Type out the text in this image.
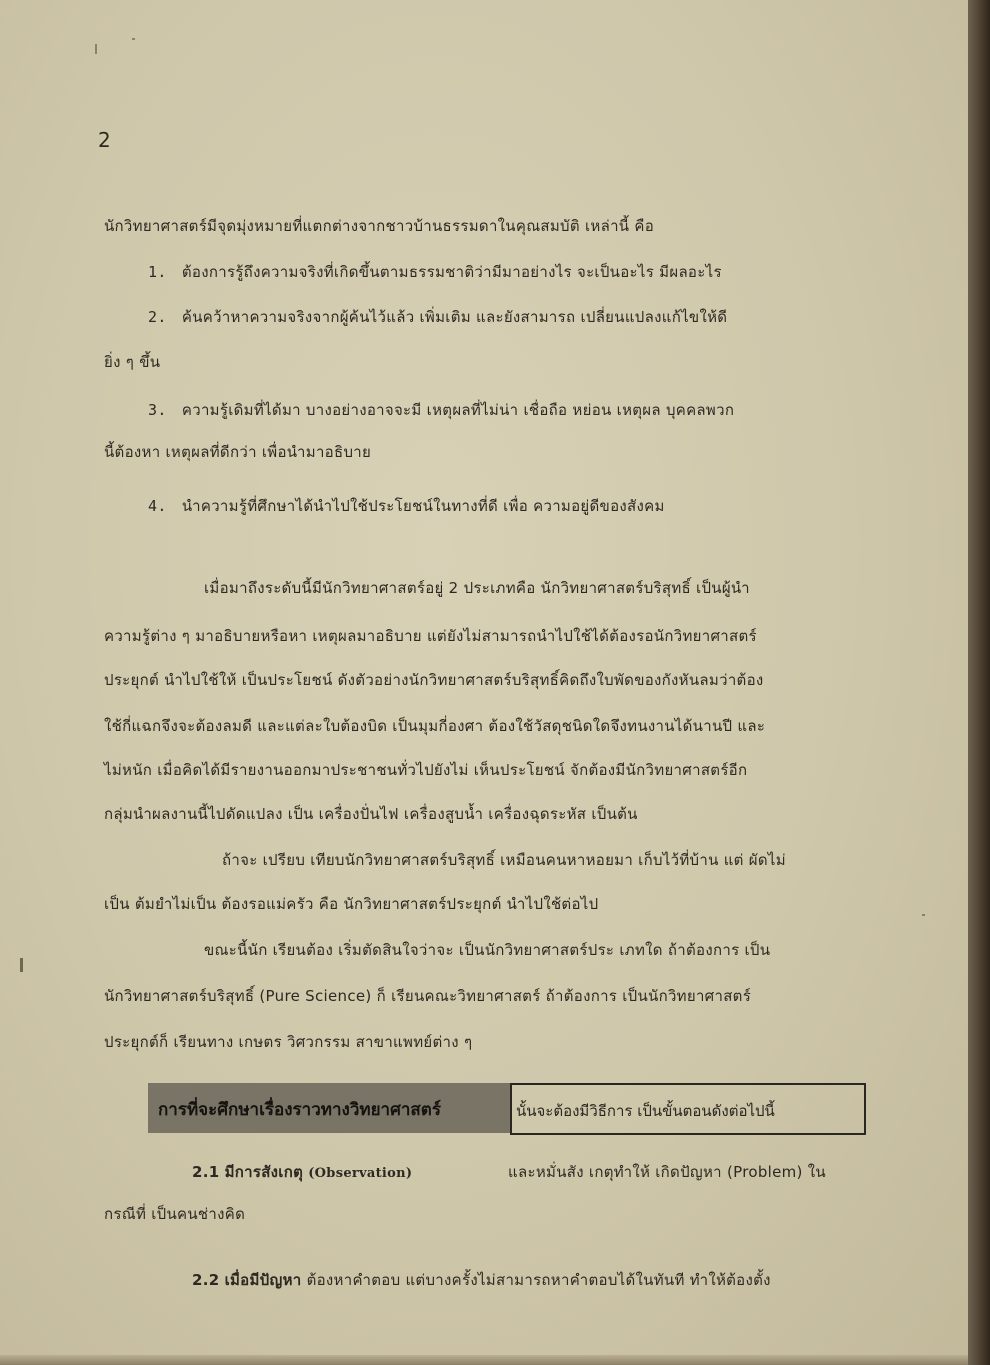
2
นักวิทยาศาสตร์มีจุดมุ่งหมายที่แตกต่างจากชาวบ้านธรรมดาในคุณสมบัติ เหล่านี้ คือ
1. ต้องการรู้ถึงความจริงที่เกิดขึ้นตามธรรมชาติว่ามีมาอย่างไร จะเป็นอะไร มีผลอะไร
2. ค้นคว้าหาความจริงจากผู้ค้นไว้แล้ว เพิ่มเติม และยังสามารถ เปลี่ยนแปลงแก้ไขให้ดี
ยิ่ง ๆ ขึ้น
3. ความรู้เดิมที่ได้มา บางอย่างอาจจะมี เหตุผลที่ไม่น่า เชื่อถือ หย่อน เหตุผล บุคคลพวก
นี้ต้องหา เหตุผลที่ดีกว่า เพื่อนำมาอธิบาย
4. นำความรู้ที่ศึกษาได้นำไปใช้ประโยชน์ในทางที่ดี เพื่อ ความอยู่ดีของสังคม
เมื่อมาถึงระดับนี้มีนักวิทยาศาสตร์อยู่ 2 ประเภทคือ นักวิทยาศาสตร์บริสุทธิ์ เป็นผู้นำ
ความรู้ต่าง ๆ มาอธิบายหรือหา เหตุผลมาอธิบาย แต่ยังไม่สามารถนำไปใช้ได้ต้องรอนักวิทยาศาสตร์
ประยุกต์ นำไปใช้ให้ เป็นประโยชน์ ดังตัวอย่างนักวิทยาศาสตร์บริสุทธิ์คิดถึงใบพัดของกังหันลมว่าต้อง
ใช้กี่แฉกจึงจะต้องลมดี และแต่ละใบต้องบิด เป็นมุมกี่องศา ต้องใช้วัสดุชนิดใดจึงทนงานได้นานปี และ
ไม่หนัก เมื่อคิดได้มีรายงานออกมาประชาชนทั่วไปยังไม่ เห็นประโยชน์ จักต้องมีนักวิทยาศาสตร์อีก
กลุ่มนำผลงานนี้ไปดัดแปลง เป็น เครื่องปั่นไฟ เครื่องสูบน้ำ เครื่องฉุดระหัส เป็นต้น
ถ้าจะ เปรียบ เทียบนักวิทยาศาสตร์บริสุทธิ์ เหมือนคนหาหอยมา เก็บไว้ที่บ้าน แต่ ผัดไม่
เป็น ต้มยำไม่เป็น ต้องรอแม่ครัว คือ นักวิทยาศาสตร์ประยุกต์ นำไปใช้ต่อไป
ขณะนี้นัก เรียนต้อง เริ่มตัดสินใจว่าจะ เป็นนักวิทยาศาสตร์ประ เภทใด ถ้าต้องการ เป็น
นักวิทยาศาสตร์บริสุทธิ์ (Pure Science) ก็ เรียนคณะวิทยาศาสตร์ ถ้าต้องการ เป็นนักวิทยาศาสตร์
ประยุกต์ก็ เรียนทาง เกษตร วิศวกรรม สาขาแพทย์ต่าง ๆ
การที่จะศึกษาเรื่องราวทางวิทยาศาสตร์	นั้นจะต้องมีวิธีการ เป็นขั้นตอนดังต่อไปนี้
2.1 มีการสังเกตุ (Observation)	และหมั่นสัง เกตุทำให้ เกิดปัญหา (Problem) ใน
กรณีที่ เป็นคนช่างคิด
2.2 เมื่อมีปัญหา ต้องหาคำตอบ แต่บางครั้งไม่สามารถหาคำตอบได้ในทันที ทำให้ต้องตั้ง
